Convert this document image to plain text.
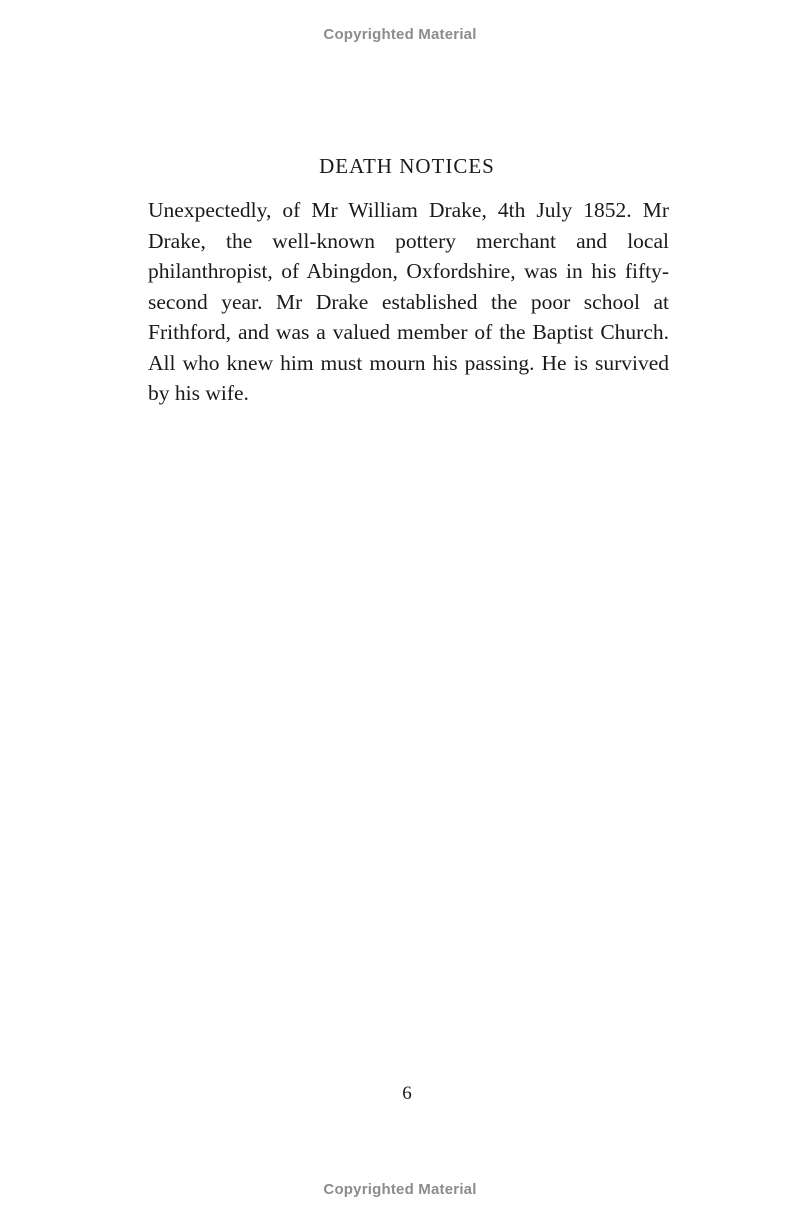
Copyrighted Material
DEATH NOTICES

Unexpectedly, of Mr William Drake, 4th July 1852. Mr Drake, the well-known pottery merchant and local philanthropist, of Abingdon, Oxfordshire, was in his fifty-second year. Mr Drake established the poor school at Frithford, and was a valued member of the Baptist Church. All who knew him must mourn his passing. He is survived by his wife.

6
Copyrighted Material
